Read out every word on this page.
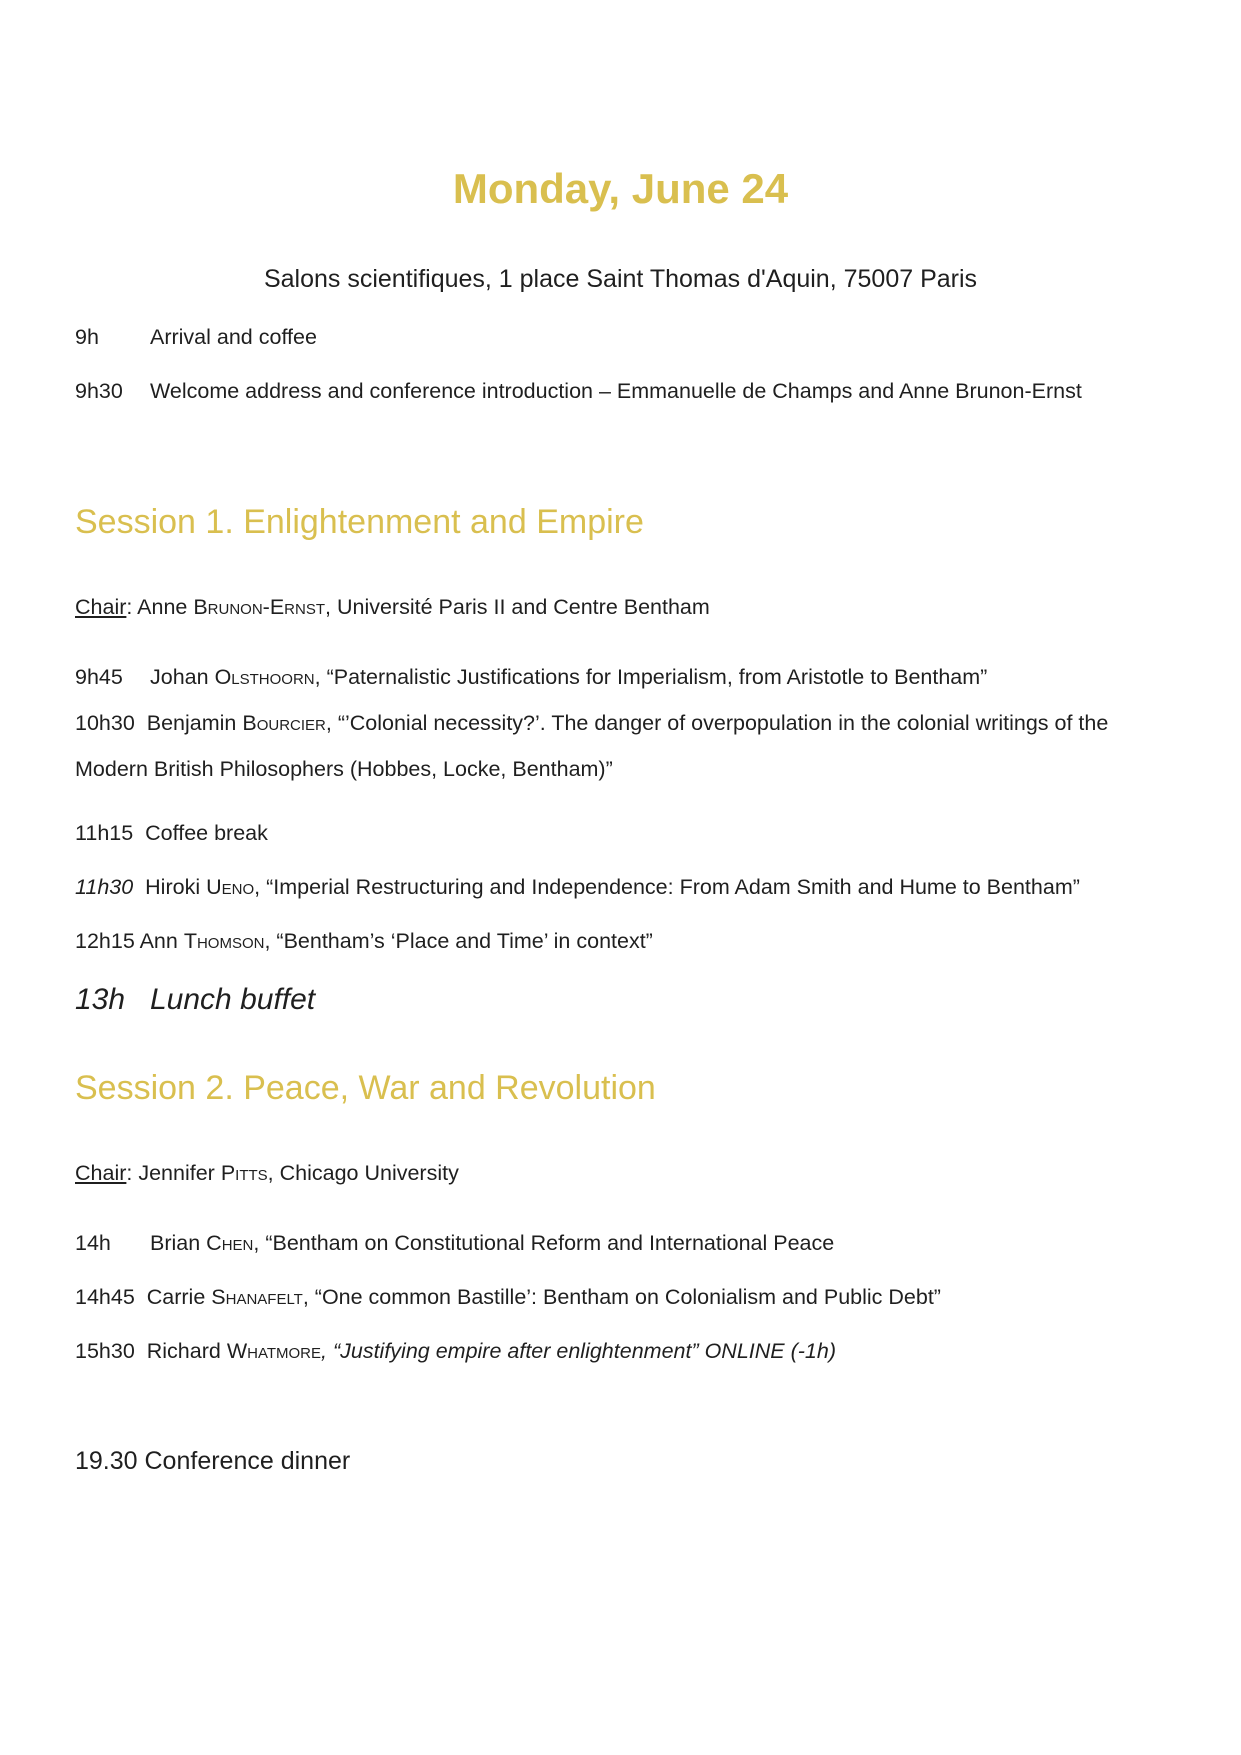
Monday, June 24
Salons scientifiques, 1 place Saint Thomas d'Aquin, 75007 Paris
9h Arrival and coffee
9h30 Welcome address and conference introduction – Emmanuelle de Champs and Anne Brunon-Ernst
Session 1. Enlightenment and Empire
Chair: Anne Brunon-Ernst, Université Paris II and Centre Bentham
9h45 Johan Olsthoorn, “Paternalistic Justifications for Imperialism, from Aristotle to Bentham”
10h30 Benjamin Bourcier, “’Colonial necessity?’. The danger of overpopulation in the colonial writings of the Modern British Philosophers (Hobbes, Locke, Bentham)”
11h15 Coffee break
11h30 Hiroki Ueno, “Imperial Restructuring and Independence: From Adam Smith and Hume to Bentham”
12h15 Ann Thomson, “Bentham’s ‘Place and Time’ in context”
13h Lunch buffet
Session 2. Peace, War and Revolution
Chair: Jennifer Pitts, Chicago University
14h Brian Chen, “Bentham on Constitutional Reform and International Peace
14h45 Carrie Shanafelt, “One common Bastille’: Bentham on Colonialism and Public Debt”
15h30 Richard Whatmore, “Justifying empire after enlightenment” ONLINE (-1h)
19.30 Conference dinner
